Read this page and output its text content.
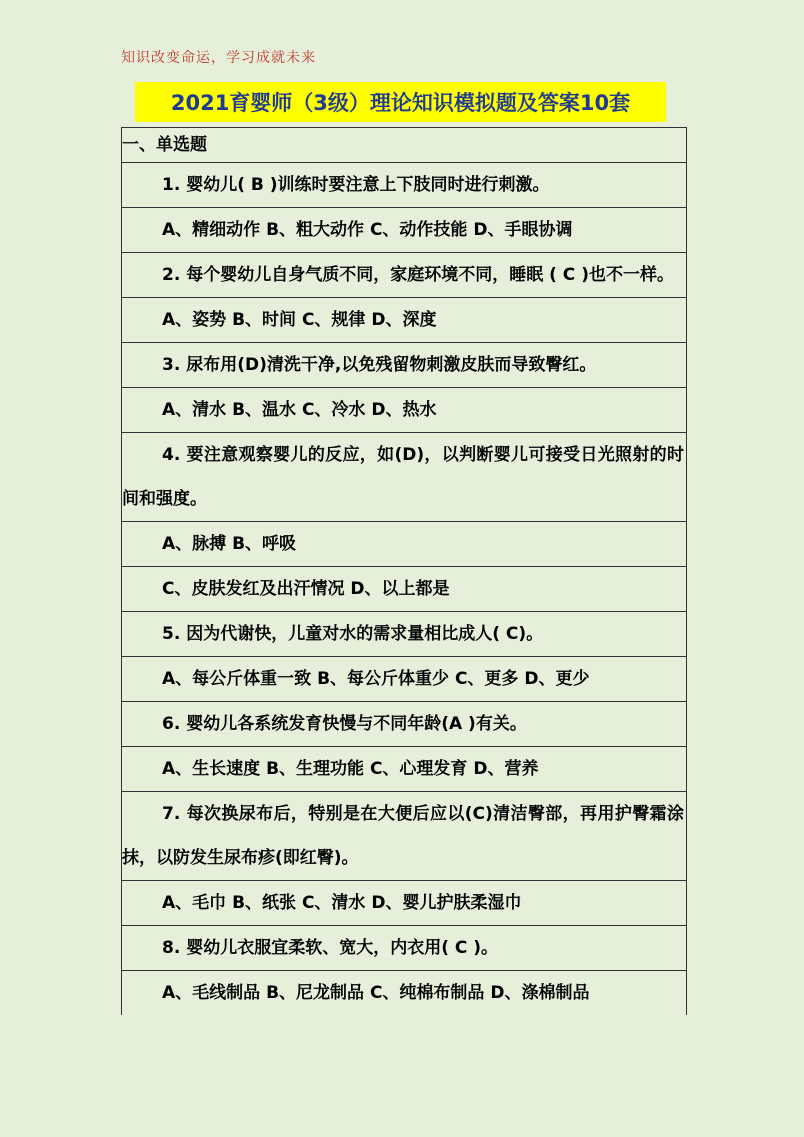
知识改变命运，学习成就未来
2021育婴师（3级）理论知识模拟题及答案10套
一、单选题
1. 婴幼儿( B )训练时要注意上下肢同时进行刺激。
A、精细动作 B、粗大动作 C、动作技能 D、手眼协调
2. 每个婴幼儿自身气质不同，家庭环境不同，睡眠 ( C )也不一样。
A、姿势 B、时间 C、规律 D、深度
3. 尿布用(D)清洗干净,以免残留物刺激皮肤而导致臀红。
A、清水 B、温水 C、冷水 D、热水
4. 要注意观察婴儿的反应，如(D)，以判断婴儿可接受日光照射的时间和强度。
A、脉搏 B、呼吸
C、皮肤发红及出汗情况 D、以上都是
5. 因为代谢快，儿童对水的需求量相比成人( C)。
A、每公斤体重一致 B、每公斤体重少 C、更多 D、更少
6. 婴幼儿各系统发育快慢与不同年龄(A )有关。
A、生长速度 B、生理功能 C、心理发育 D、营养
7. 每次换尿布后，特别是在大便后应以(C)清洁臀部，再用护臀霜涂抹，以防发生尿布疹(即红臀)。
A、毛巾 B、纸张 C、清水 D、婴儿护肤柔湿巾
8. 婴幼儿衣服宜柔软、宽大，内衣用( C )。
A、毛线制品 B、尼龙制品 C、纯棉布制品 D、涤棉制品
